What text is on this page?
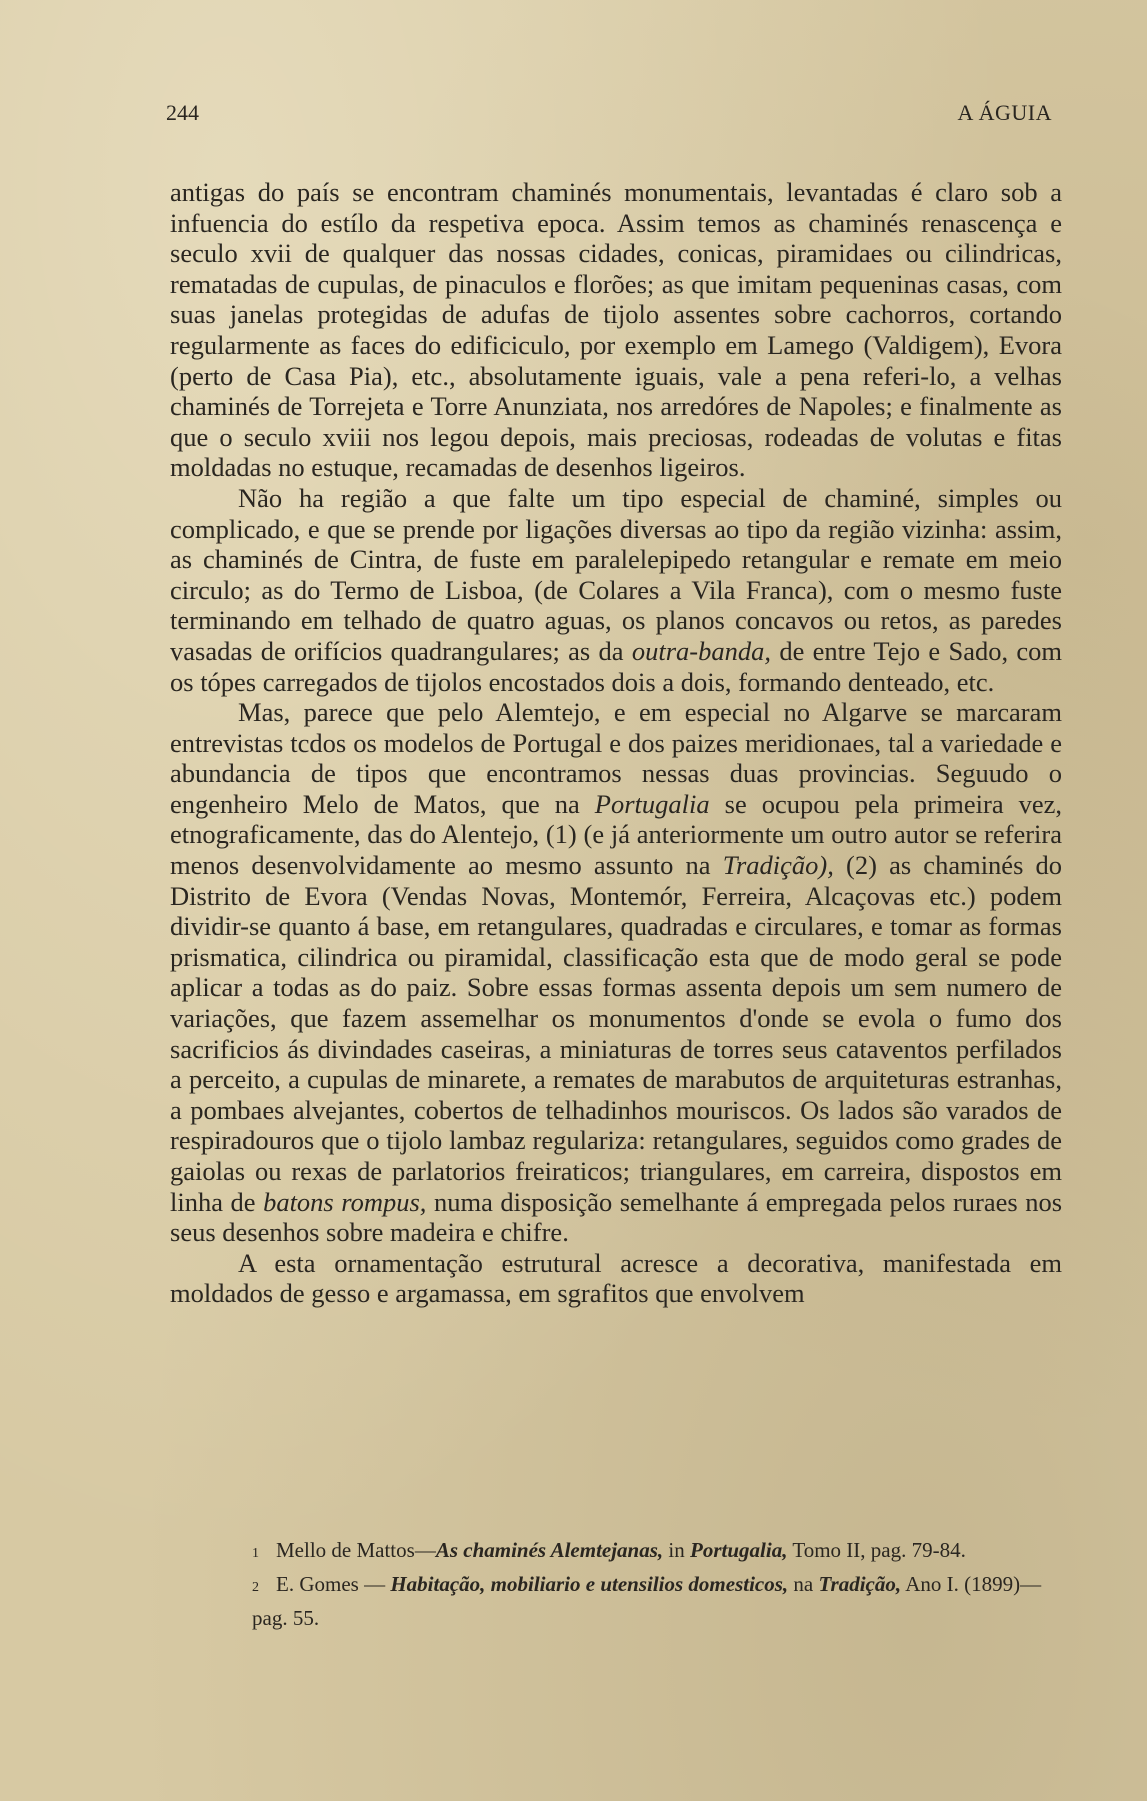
244	A ÁGUIA

antigas do país se encontram chaminés monumentais, levantadas é claro sob a infuencia do estílo da respetiva epoca. Assim temos as chaminés renascença e seculo xvii de qualquer das nossas cidades, conicas, piramidaes ou cilindricas, rematadas de cupulas, de pinaculos e florões; as que imitam pequeninas casas, com suas janelas protegidas de adufas de tijolo assentes sobre cachorros, cortando regularmente as faces do edificiculo, por exemplo em Lamego (Valdigem), Evora (perto de Casa Pia), etc., absolutamente iguais, vale a pena referi-lo, a velhas chaminés de Torrejeta e Torre Anunziata, nos arredóres de Napoles; e finalmente as que o seculo xviii nos legou depois, mais preciosas, rodeadas de volutas e fitas moldadas no estuque, recamadas de desenhos ligeiros.

Não ha região a que falte um tipo especial de chaminé, simples ou complicado, e que se prende por ligações diversas ao tipo da região vizinha: assim, as chaminés de Cintra, de fuste em paralelepipedo retangular e remate em meio circulo; as do Termo de Lisboa, (de Colares a Vila Franca), com o mesmo fuste terminando em telhado de quatro aguas, os planos concavos ou retos, as paredes vasadas de orifícios quadrangulares; as da outra-banda, de entre Tejo e Sado, com os tópes carregados de tijolos encostados dois a dois, formando denteado, etc.

Mas, parece que pelo Alemtejo, e em especial no Algarve se marcaram entrevistas tcdos os modelos de Portugal e dos paizes meridionaes, tal a variedade e abundancia de tipos que encontramos nessas duas provincias. Seguudo o engenheiro Melo de Matos, que na Portugalia se ocupou pela primeira vez, etnograficamente, das do Alentejo, (1) (e já anteriormente um outro autor se referira menos desenvolvidamente ao mesmo assunto na Tradição), (2) as chaminés do Distrito de Evora (Vendas Novas, Montemór, Ferreira, Alcaçovas etc.) podem dividir-se quanto á base, em retangulares, quadradas e circulares, e tomar as formas prismatica, cilindrica ou piramidal, classificação esta que de modo geral se pode aplicar a todas as do paiz. Sobre essas formas assenta depois um sem numero de variações, que fazem assemelhar os monumentos d'onde se evola o fumo dos sacrificios ás divindades caseiras, a miniaturas de torres seus cataventos perfilados a perceito, a cupulas de minarete, a remates de marabutos de arquiteturas estranhas, a pombaes alvejantes, cobertos de telhadinhos mouriscos. Os lados são varados de respiradouros que o tijolo lambaz regulariza: retangulares, seguidos como grades de gaiolas ou rexas de parlatorios freiraticos; triangulares, em carreira, dispostos em linha de batons rompus, numa disposição semelhante á empregada pelos ruraes nos seus desenhos sobre madeira e chifre.

A esta ornamentação estrutural acresce a decorativa, manifestada em moldados de gesso e argamassa, em sgrafitos que envolvem

1 Mello de Mattos—As chaminés Alemtejanas, in Portugalia, Tomo II, pag. 79-84.

2 E. Gomes — Habitação, mobiliario e utensilios domesticos, na Tradição, Ano I. (1899)—pag. 55.
